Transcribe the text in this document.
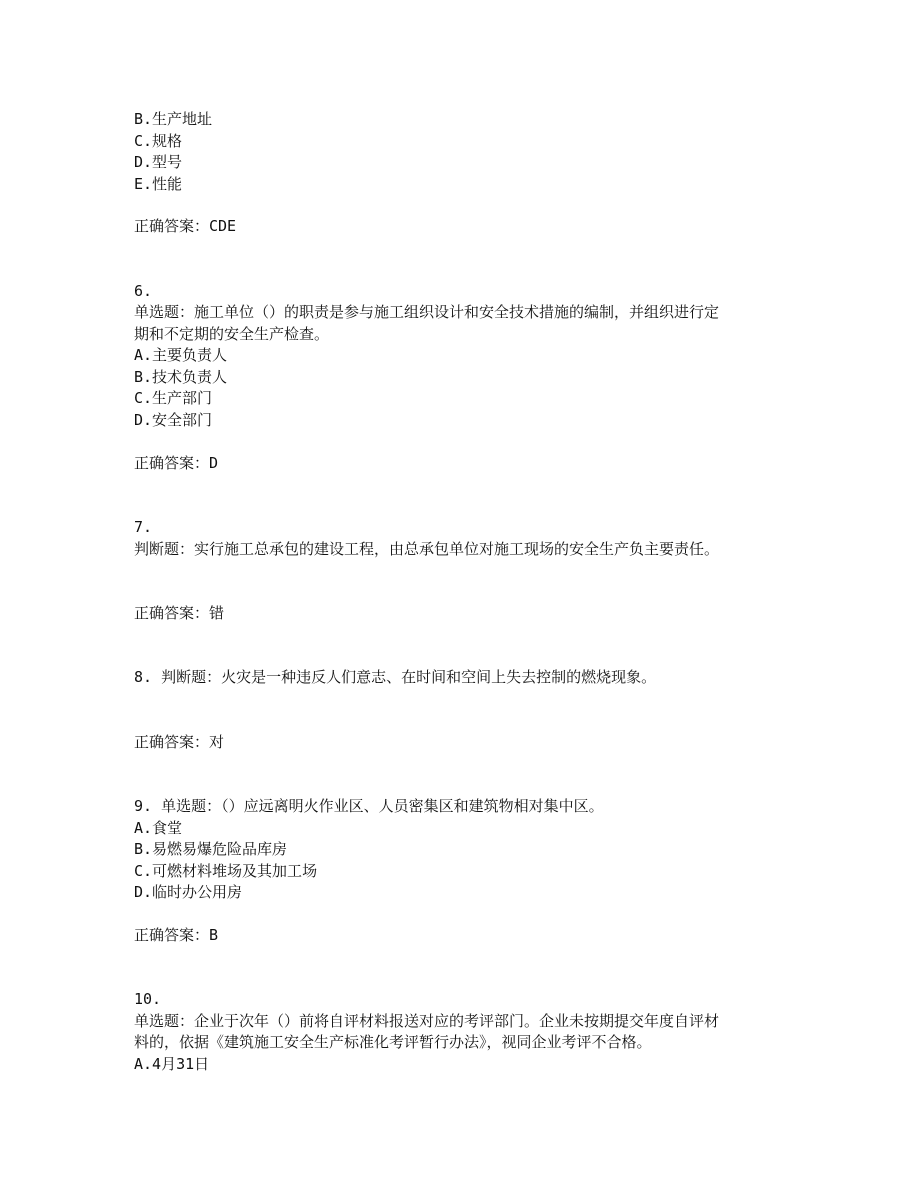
B.生产地址
C.规格
D.型号
E.性能
正确答案：CDE
6.
单选题：施工单位（）的职责是参与施工组织设计和安全技术措施的编制，并组织进行定
期和不定期的安全生产检查。
A.主要负责人
B.技术负责人
C.生产部门
D.安全部门
正确答案：D
7.
判断题：实行施工总承包的建设工程，由总承包单位对施工现场的安全生产负主要责任。
正确答案：错
8. 判断题：火灾是一种违反人们意志、在时间和空间上失去控制的燃烧现象。
正确答案：对
9. 单选题：（）应远离明火作业区、人员密集区和建筑物相对集中区。
A.食堂
B.易燃易爆危险品库房
C.可燃材料堆场及其加工场
D.临时办公用房
正确答案：B
10.
单选题：企业于次年（）前将自评材料报送对应的考评部门。企业未按期提交年度自评材
料的，依据《建筑施工安全生产标准化考评暂行办法》，视同企业考评不合格。
A.4月31日
